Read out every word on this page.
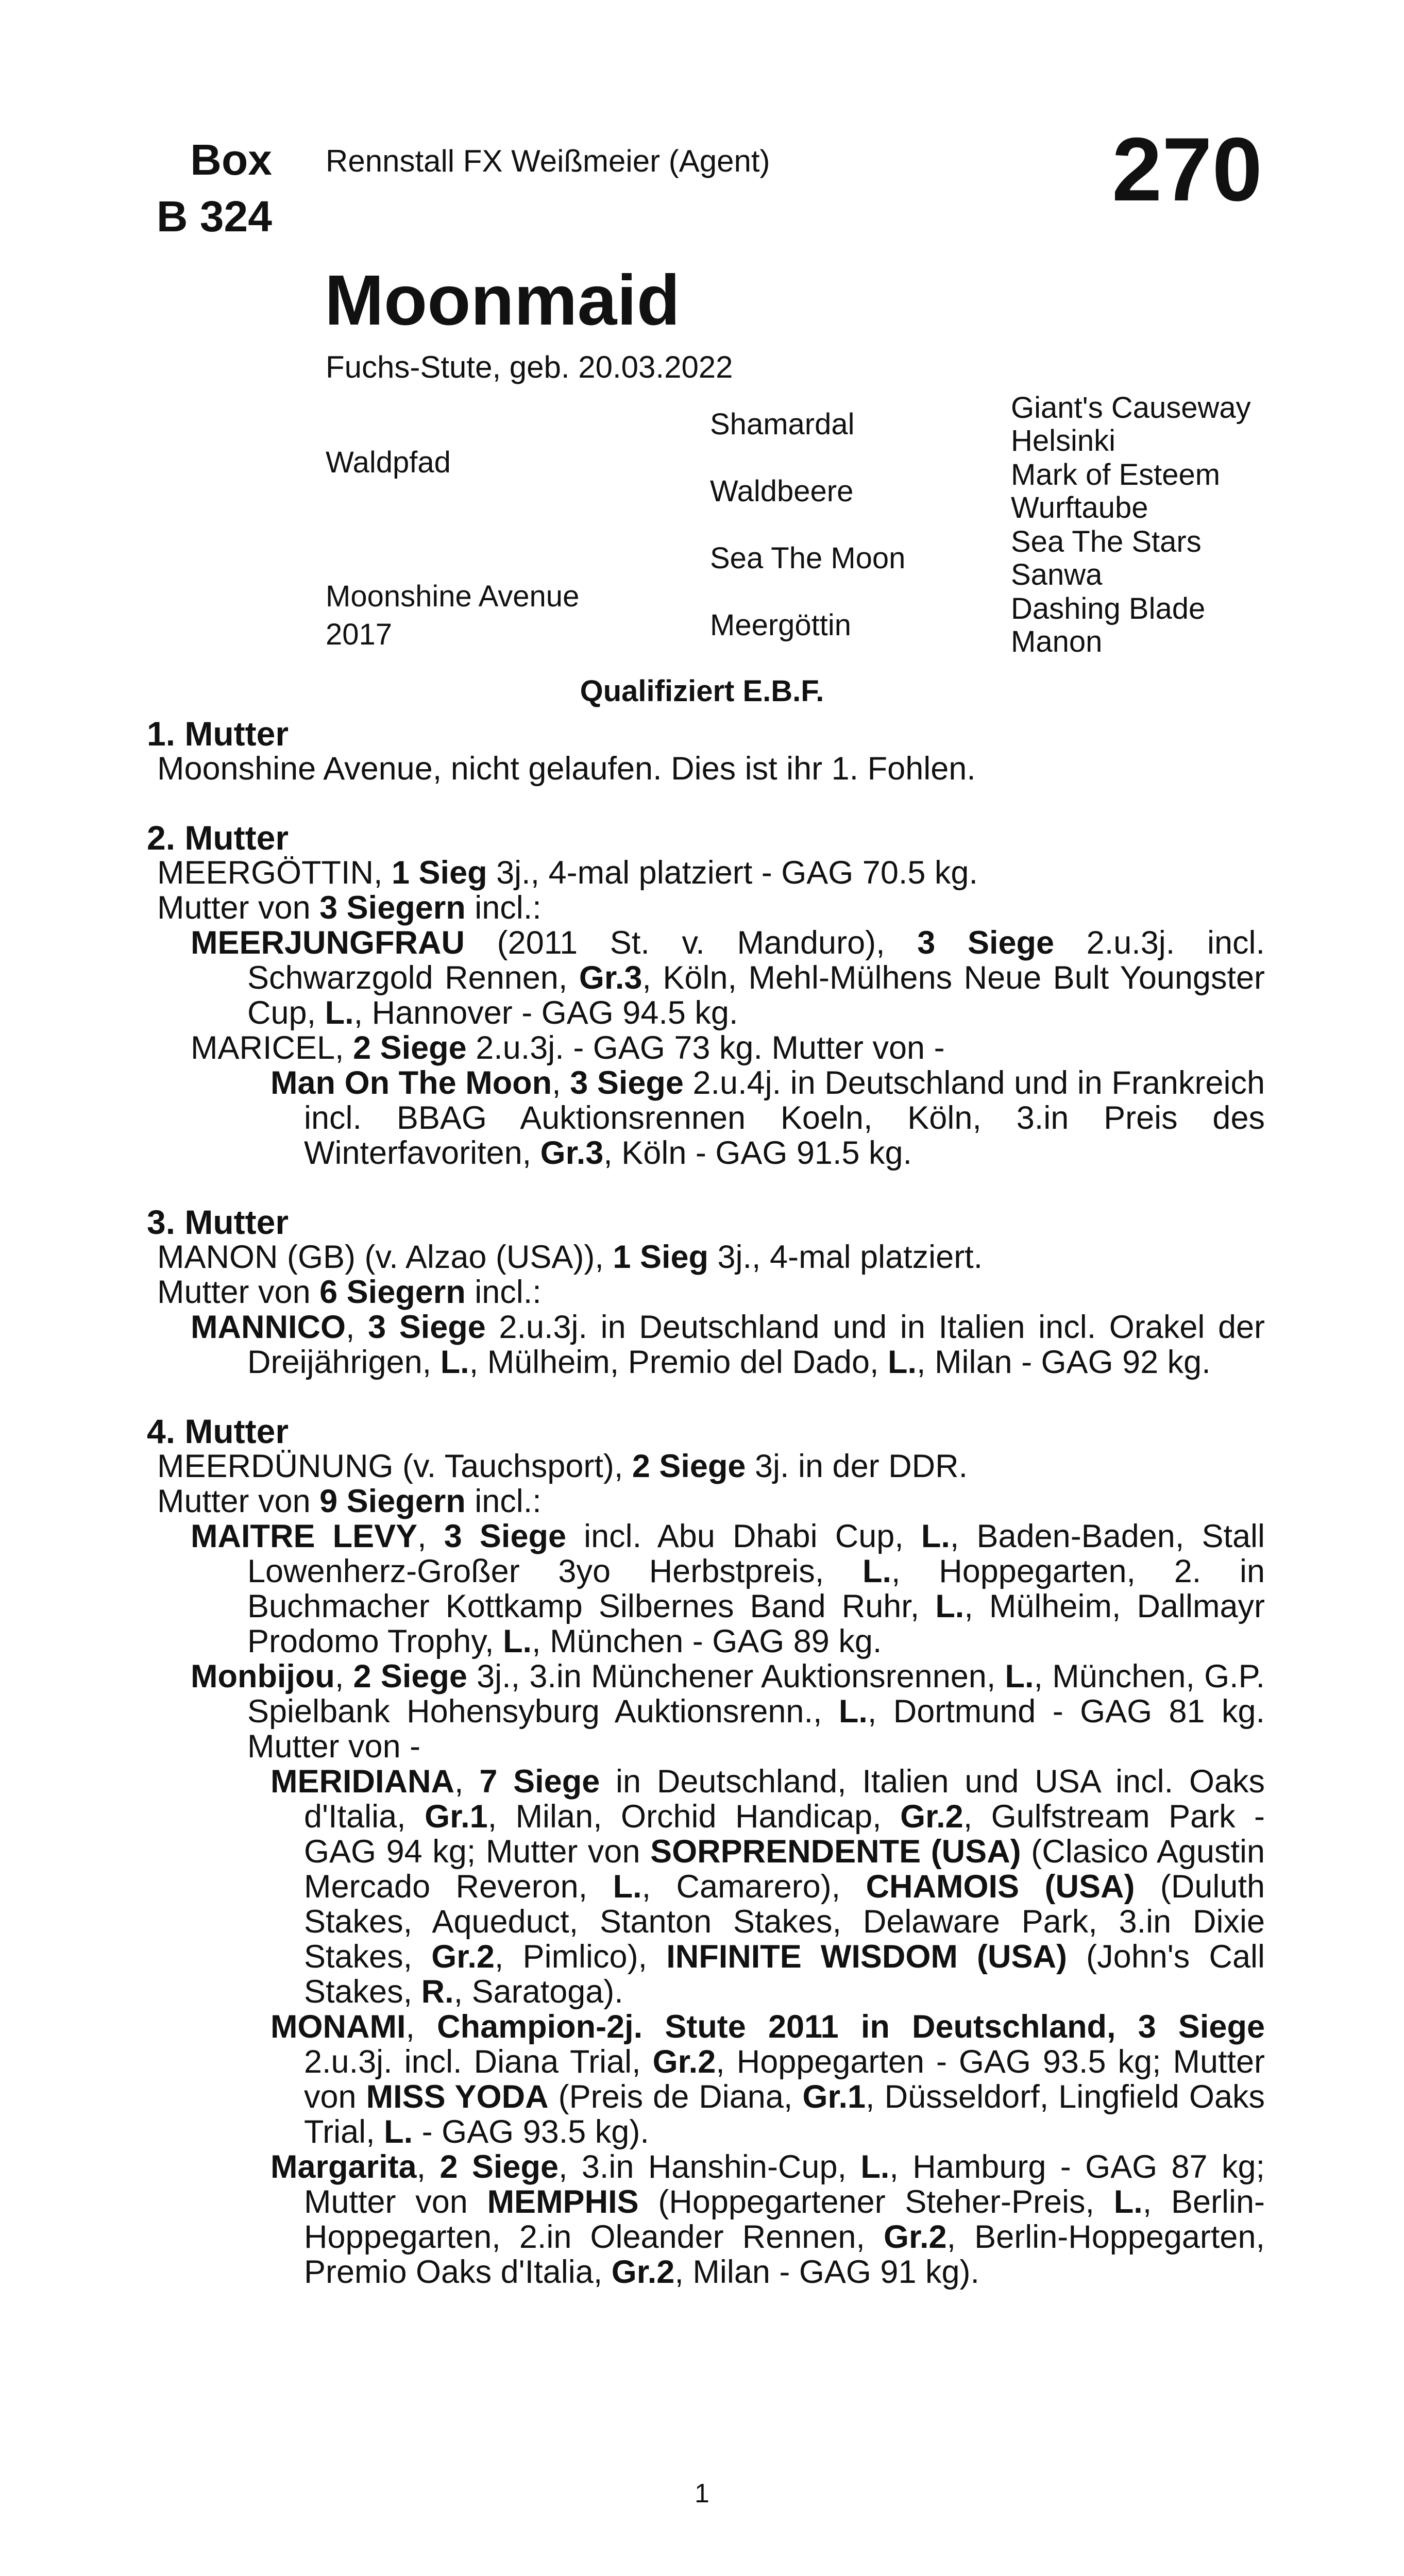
Box
B 324
Rennstall FX Weißmeier (Agent)	270
Moonmaid
Fuchs-Stute, geb. 20.03.2022
Waldpfad
Moonshine Avenue
2017
Shamardal
Waldbeere
Sea The Moon
Meergöttin
Giant's Causeway
Helsinki
Mark of Esteem
Wurftaube
Sea The Stars
Sanwa
Dashing Blade
Manon
Qualifiziert E.B.F.

1. Mutter

Moonshine Avenue, nicht gelaufen. Dies ist ihr 1. Fohlen.

2. Mutter

MEERGÖTTIN, 1 Sieg 3j., 4-mal platziert - GAG 70.5 kg.

Mutter von 3 Siegern incl.:

MEERJUNGFRAU (2011 St. v. Manduro), 3 Siege 2.u.3j. incl. Schwarzgold Rennen, Gr.3, Köln, Mehl-Mülhens Neue Bult Youngster Cup, L., Hannover - GAG 94.5 kg.

MARICEL, 2 Siege 2.u.3j. - GAG 73 kg. Mutter von -

Man On The Moon, 3 Siege 2.u.4j. in Deutschland und in Frankreich incl. BBAG Auktionsrennen Koeln, Köln, 3.in Preis des Winterfavoriten, Gr.3, Köln - GAG 91.5 kg.

3. Mutter

MANON (GB) (v. Alzao (USA)), 1 Sieg 3j., 4-mal platziert.

Mutter von 6 Siegern incl.:

MANNICO, 3 Siege 2.u.3j. in Deutschland und in Italien incl. Orakel der Dreijährigen, L., Mülheim, Premio del Dado, L., Milan - GAG 92 kg.

4. Mutter

MEERDÜNUNG (v. Tauchsport), 2 Siege 3j. in der DDR.

Mutter von 9 Siegern incl.:

MAITRE LEVY, 3 Siege incl. Abu Dhabi Cup, L., Baden-Baden, Stall Lowenherz-Großer 3yo Herbstpreis, L., Hoppegarten, 2. in Buchmacher Kottkamp Silbernes Band Ruhr, L., Mülheim, Dallmayr Prodomo Trophy, L., München - GAG 89 kg.

Monbijou, 2 Siege 3j., 3.in Münchener Auktionsrennen, L., München, G.P. Spielbank Hohensyburg Auktionsrenn., L., Dortmund - GAG 81 kg. Mutter von -

MERIDIANA, 7 Siege in Deutschland, Italien und USA incl. Oaks d'Italia, Gr.1, Milan, Orchid Handicap, Gr.2, Gulfstream Park - GAG 94 kg; Mutter von SORPRENDENTE (USA) (Clasico Agustin Mercado Reveron, L., Camarero), CHAMOIS (USA) (Duluth Stakes, Aqueduct, Stanton Stakes, Delaware Park, 3.in Dixie Stakes, Gr.2, Pimlico), INFINITE WISDOM (USA) (John's Call Stakes, R., Saratoga).

MONAMI, Champion-2j. Stute 2011 in Deutschland, 3 Siege 2.u.3j. incl. Diana Trial, Gr.2, Hoppegarten - GAG 93.5 kg; Mutter von MISS YODA (Preis de Diana, Gr.1, Düsseldorf, Lingfield Oaks Trial, L. - GAG 93.5 kg).

Margarita, 2 Siege, 3.in Hanshin-Cup, L., Hamburg - GAG 87 kg; Mutter von MEMPHIS (Hoppegartener Steher-Preis, L., Berlin-Hoppegarten, 2.in Oleander Rennen, Gr.2, Berlin-Hoppegarten, Premio Oaks d'Italia, Gr.2, Milan - GAG 91 kg).

1
